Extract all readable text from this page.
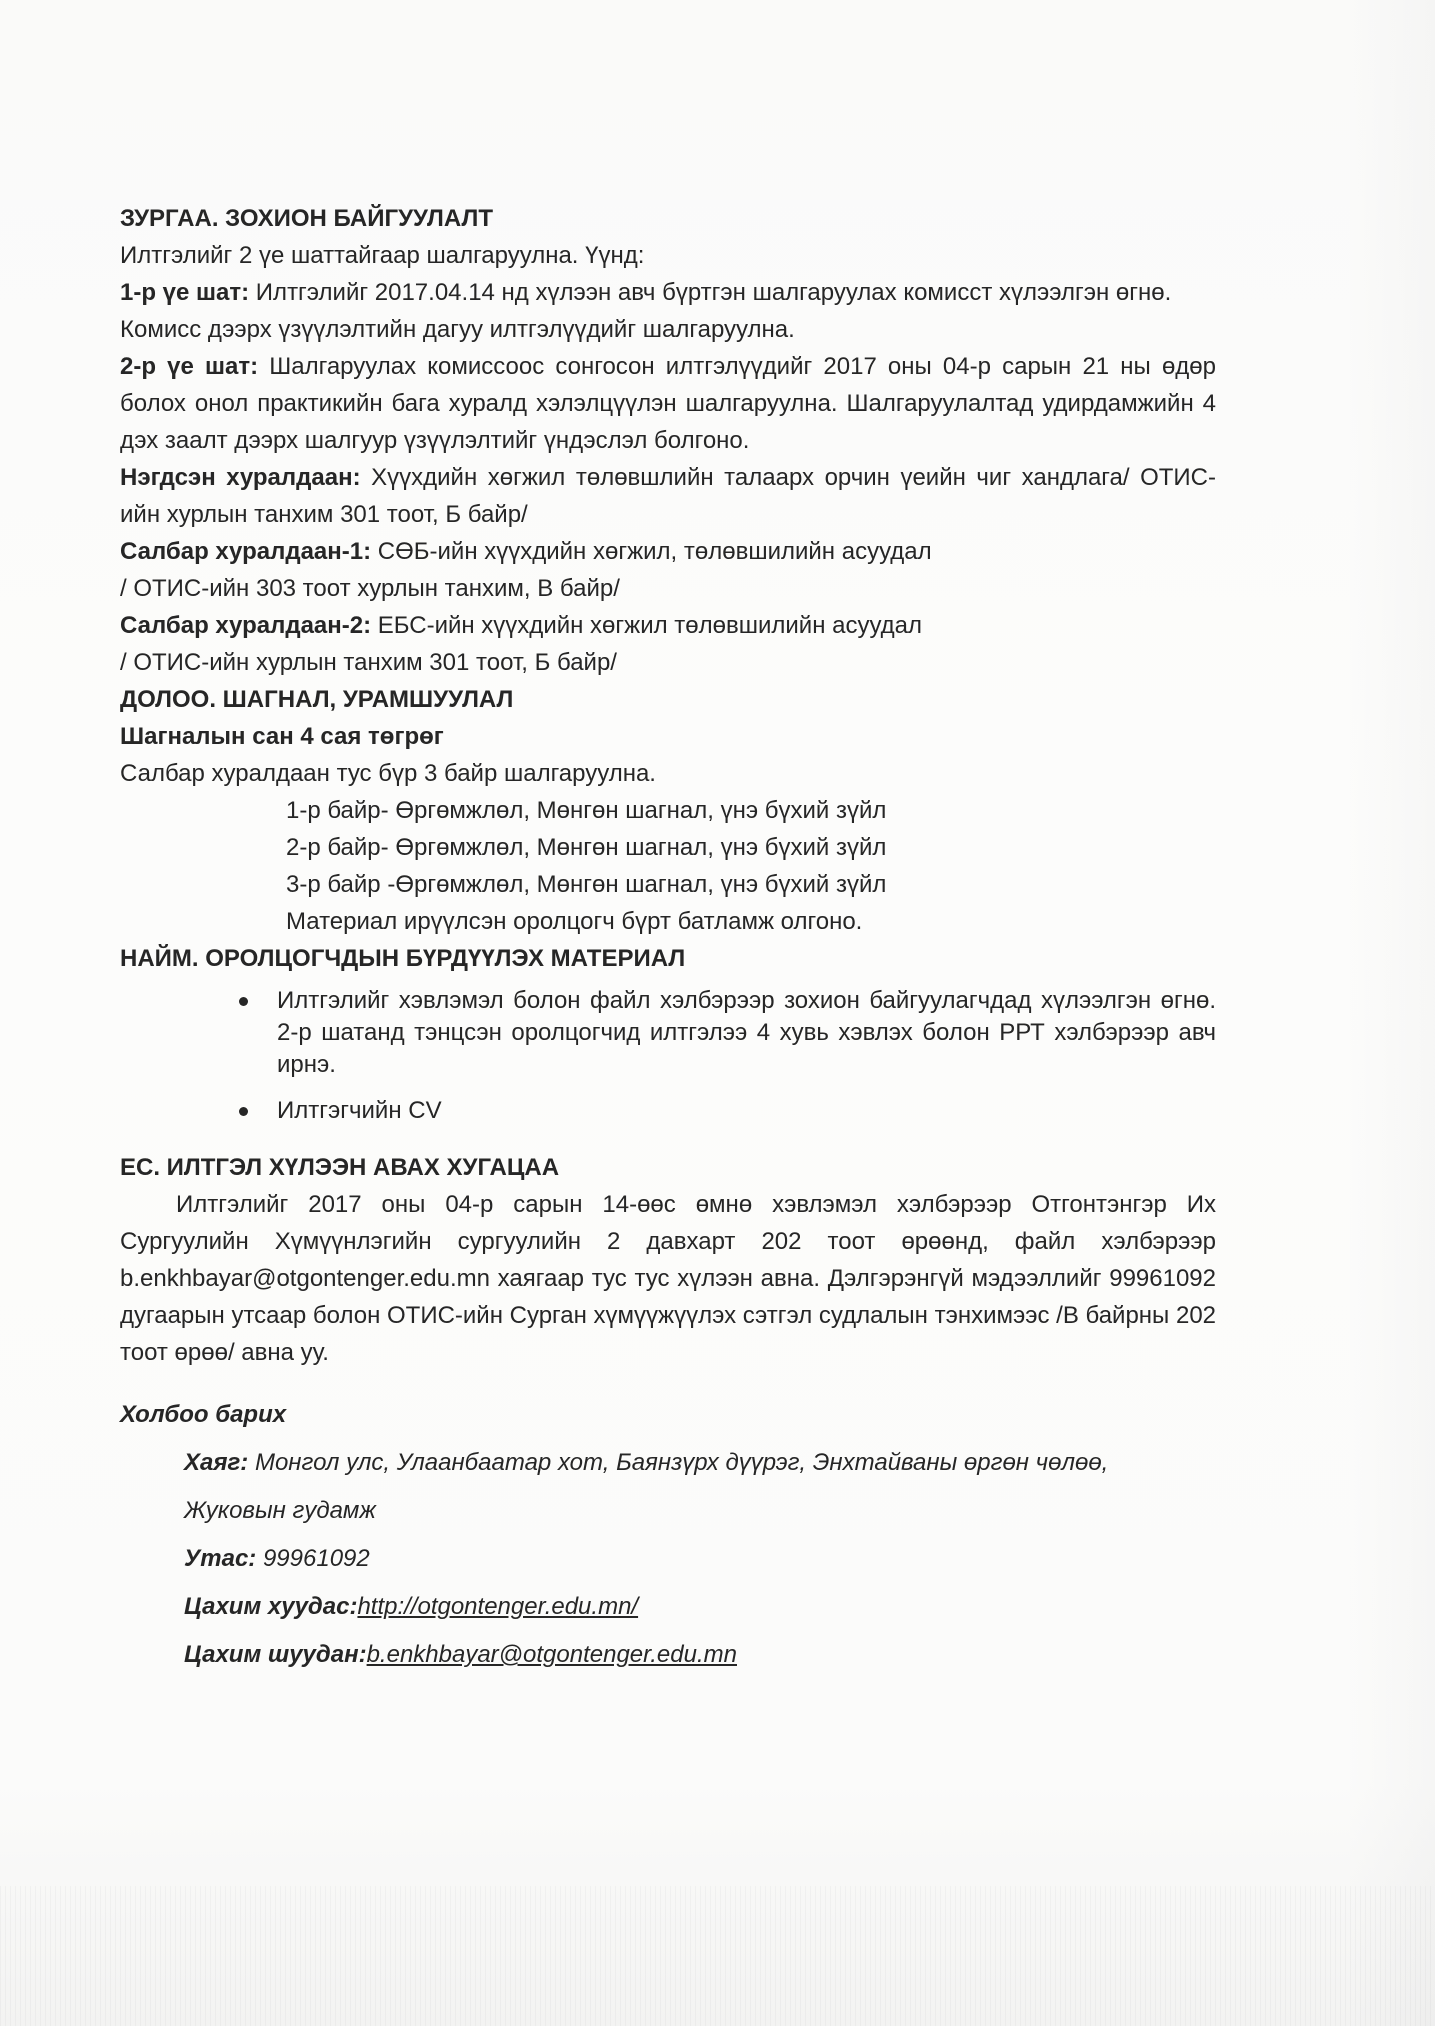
ЗУРГАА. ЗОХИОН БАЙГУУЛАЛТ

Илтгэлийг 2 үе шаттайгаар шалгаруулна. Үүнд:

1-р үе шат: Илтгэлийг 2017.04.14 нд хүлээн авч бүртгэн шалгаруулах комисст хүлээлгэн өгнө. Комисс дээрх үзүүлэлтийн дагуу илтгэлүүдийг шалгаруулна.

2-р үе шат: Шалгаруулах комиссоос сонгосон илтгэлүүдийг 2017 оны 04-р сарын 21 ны өдөр болох онол практикийн бага хуралд хэлэлцүүлэн шалгаруулна. Шалгаруулалтад удирдамжийн 4 дэх заалт дээрх шалгуур үзүүлэлтийг үндэслэл болгоно.

Нэгдсэн хуралдаан: Хүүхдийн хөгжил төлөвшлийн талаарх орчин үеийн чиг хандлага/ ОТИС-ийн хурлын танхим 301 тоот, Б байр/

Салбар хуралдаан-1: СӨБ-ийн хүүхдийн хөгжил, төлөвшилийн асуудал
/ ОТИС-ийн 303 тоот хурлын танхим, В байр/

Салбар хуралдаан-2: ЕБС-ийн хүүхдийн хөгжил төлөвшилийн асуудал
/ ОТИС-ийн хурлын танхим 301 тоот, Б байр/

ДОЛОО. ШАГНАЛ, УРАМШУУЛАЛ

Шагналын сан 4 сая төгрөг

Салбар хуралдаан тус бүр 3 байр шалгаруулна.

1-р байр- Өргөмжлөл, Мөнгөн шагнал, үнэ бүхий зүйл

2-р байр- Өргөмжлөл, Мөнгөн шагнал, үнэ бүхий зүйл

3-р байр -Өргөмжлөл, Мөнгөн шагнал, үнэ бүхий зүйл

Материал ирүүлсэн оролцогч бүрт батламж олгоно.

НАЙМ. ОРОЛЦОГЧДЫН БҮРДҮҮЛЭХ МАТЕРИАЛ

Илтгэлийг хэвлэмэл болон файл хэлбэрээр зохион байгуулагчдад хүлээлгэн өгнө. 2-р шатанд тэнцсэн оролцогчид илтгэлээ 4 хувь хэвлэх болон РРТ хэлбэрээр авч ирнэ.

Илтгэгчийн CV

ЕС. ИЛТГЭЛ ХҮЛЭЭН АВАХ ХУГАЦАА

Илтгэлийг 2017 оны 04-р сарын 14-өөс өмнө хэвлэмэл хэлбэрээр Отгонтэнгэр Их Сургуулийн Хүмүүнлэгийн сургуулийн 2 давхарт 202 тоот өрөөнд, файл хэлбэрээр b.enkhbayar@otgontenger.edu.mn хаягаар тус тус хүлээн авна. Дэлгэрэнгүй мэдээллийг 99961092 дугаарын утсаар болон ОТИС-ийн Сурган хүмүүжүүлэх сэтгэл судлалын тэнхимээс /В байрны 202 тоот өрөө/ авна уу.

Холбоо барих

Хаяг: Монгол улс, Улаанбаатар хот, Баянзүрх дүүрэг, Энхтайваны өргөн чөлөө, Жуковын гудамж

Утас: 99961092

Цахим хуудас:http://otgontenger.edu.mn/

Цахим шуудан:b.enkhbayar@otgontenger.edu.mn
